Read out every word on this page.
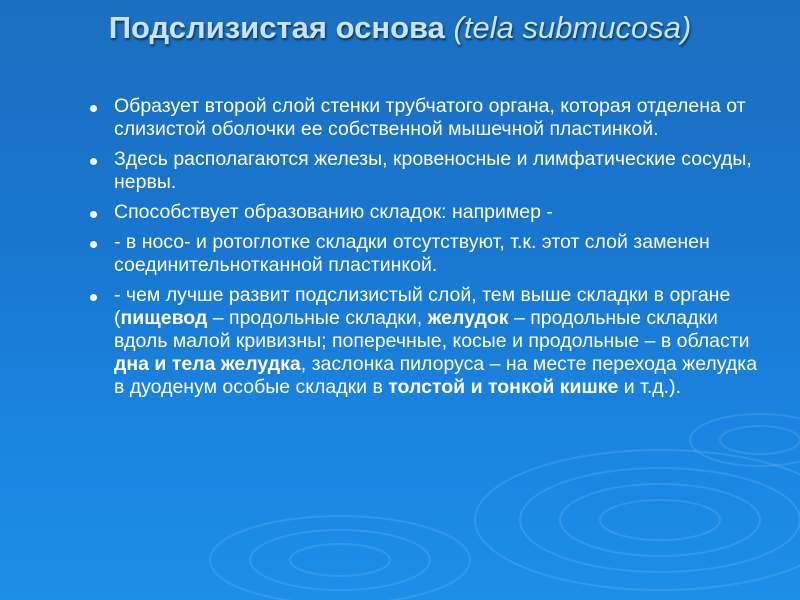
Подслизистая основа (tela submucosa)
Образует второй слой стенки трубчатого органа, которая отделена от слизистой оболочки ее собственной мышечной пластинкой.
Здесь располагаются железы, кровеносные и лимфатические сосуды, нервы.
Способствует образованию складок: например -
- в носо- и ротоглотке складки отсутствуют, т.к. этот слой заменен соединительнотканной пластинкой.
- чем лучше развит подслизистый слой, тем выше складки в органе (пищевод – продольные складки, желудок – продольные складки вдоль малой кривизны; поперечные, косые и продольные – в области дна и тела желудка, заслонка пилоруса – на месте перехода желудка в дуоденум особые складки в толстой и тонкой кишке и т.д.).
